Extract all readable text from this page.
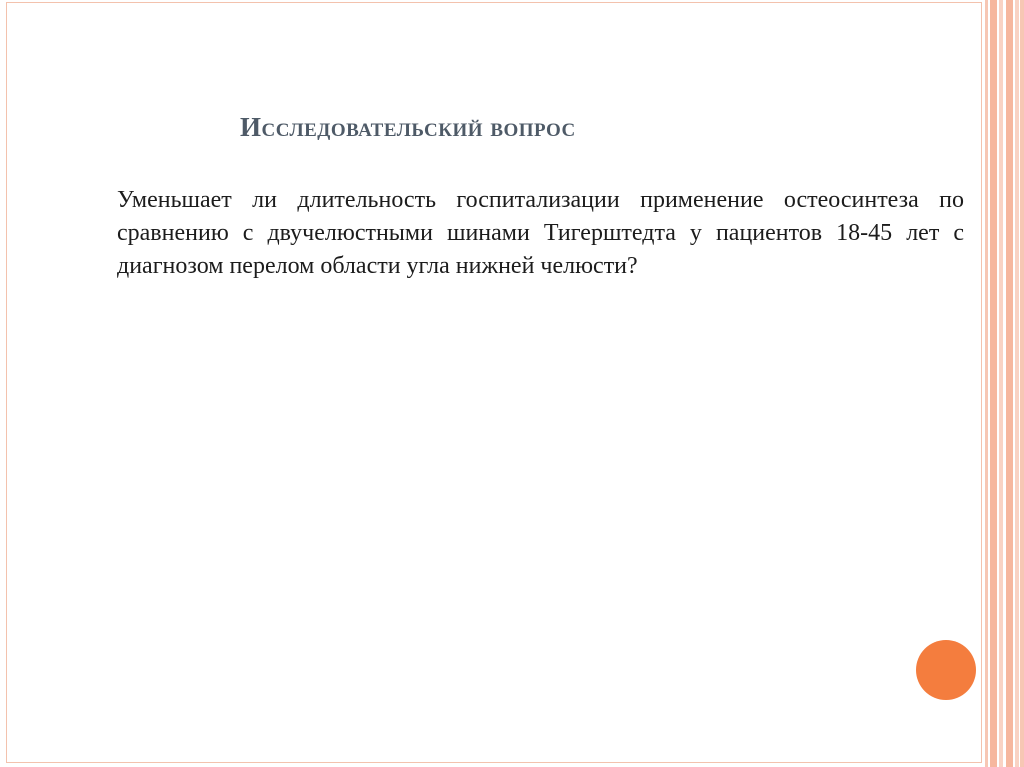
Исследовательский вопрос

Уменьшает ли длительность госпитализации применение остеосинтеза по сравнению с двучелюстными шинами Тигерштедта у пациентов 18-45 лет с диагнозом перелом области угла нижней челюсти?
